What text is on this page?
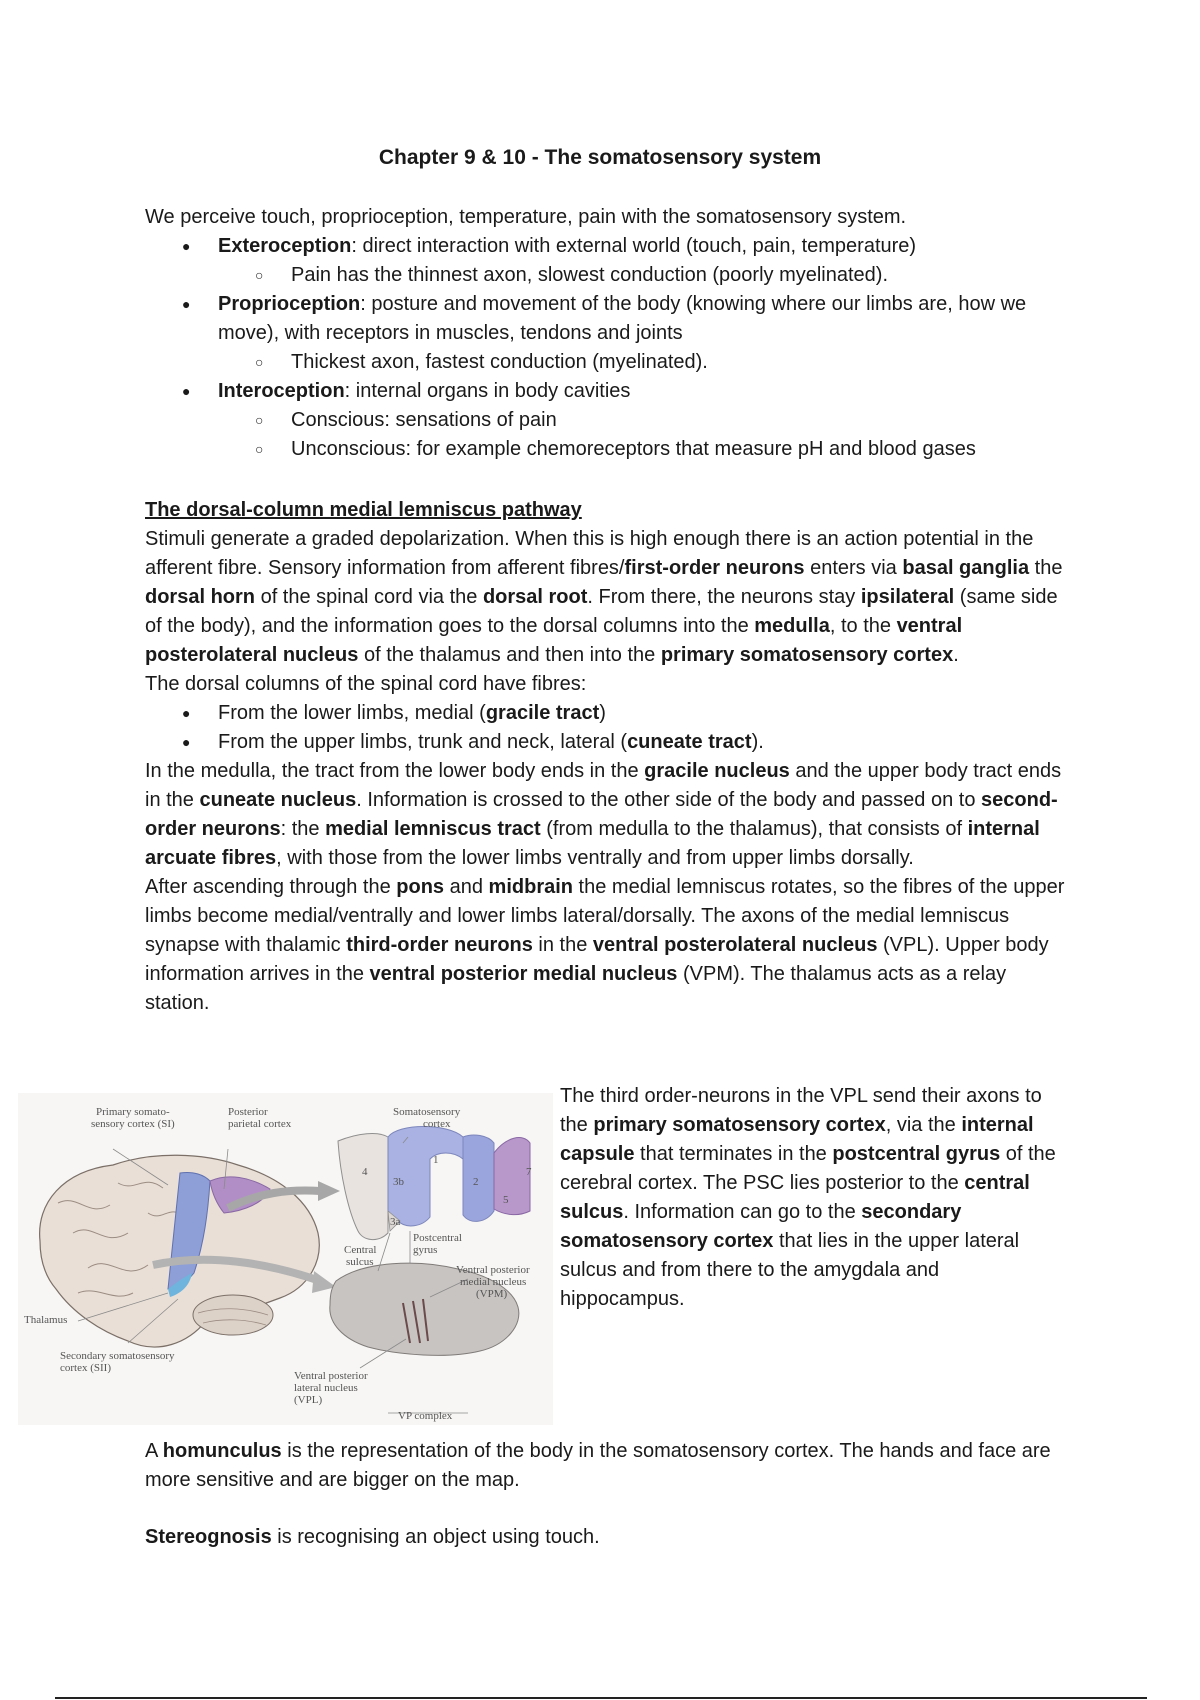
Chapter 9 & 10 - The somatosensory system

We perceive touch, proprioception, temperature, pain with the somatosensory system.

● Exteroception: direct interaction with external world (touch, pain, temperature)
○ Pain has the thinnest axon, slowest conduction (poorly myelinated).
● Proprioception: posture and movement of the body (knowing where our limbs are, how we move), with receptors in muscles, tendons and joints
○ Thickest axon, fastest conduction (myelinated).
● Interoception: internal organs in body cavities
○ Conscious: sensations of pain
○ Unconscious: for example chemoreceptors that measure pH and blood gases

The dorsal-column medial lemniscus pathway

Stimuli generate a graded depolarization. When this is high enough there is an action potential in the afferent fibre. Sensory information from afferent fibres/first-order neurons enters via basal ganglia the dorsal horn of the spinal cord via the dorsal root. From there, the neurons stay ipsilateral (same side of the body), and the information goes to the dorsal columns into the medulla, to the ventral posterolateral nucleus of the thalamus and then into the primary somatosensory cortex.

The dorsal columns of the spinal cord have fibres:

● From the lower limbs, medial (gracile tract)
● From the upper limbs, trunk and neck, lateral (cuneate tract).

In the medulla, the tract from the lower body ends in the gracile nucleus and the upper body tract ends in the cuneate nucleus. Information is crossed to the other side of the body and passed on to second-order neurons: the medial lemniscus tract (from medulla to the thalamus), that consists of internal arcuate fibres, with those from the lower limbs ventrally and from upper limbs dorsally.

After ascending through the pons and midbrain the medial lemniscus rotates, so the fibres of the upper limbs become medial/ventrally and lower limbs lateral/dorsally. The axons of the medial lemniscus synapse with thalamic third-order neurons in the ventral posterolateral nucleus (VPL). Upper body information arrives in the ventral posterior medial nucleus (VPM). The thalamus acts as a relay station.

Primary somato-
sensory cortex (SI)
Posterior
parietal cortex
Somatosensory
cortex
Central
sulcus
Postcentral
gyrus
Ventral posterior
medial nucleus
(VPM)
Thalamus
Secondary somatosensory
cortex (SII)
Ventral posterior
lateral nucleus
(VPL)
VP complex
4
3b
1
2
3a
5
7

The third order-neurons in the VPL send their axons to the primary somatosensory cortex, via the internal capsule that terminates in the postcentral gyrus of the cerebral cortex. The PSC lies posterior to the central sulcus. Information can go to the secondary somatosensory cortex that lies in the upper lateral sulcus and from there to the amygdala and hippocampus.

A homunculus is the representation of the body in the somatosensory cortex. The hands and face are more sensitive and are bigger on the map.

Stereognosis is recognising an object using touch.
